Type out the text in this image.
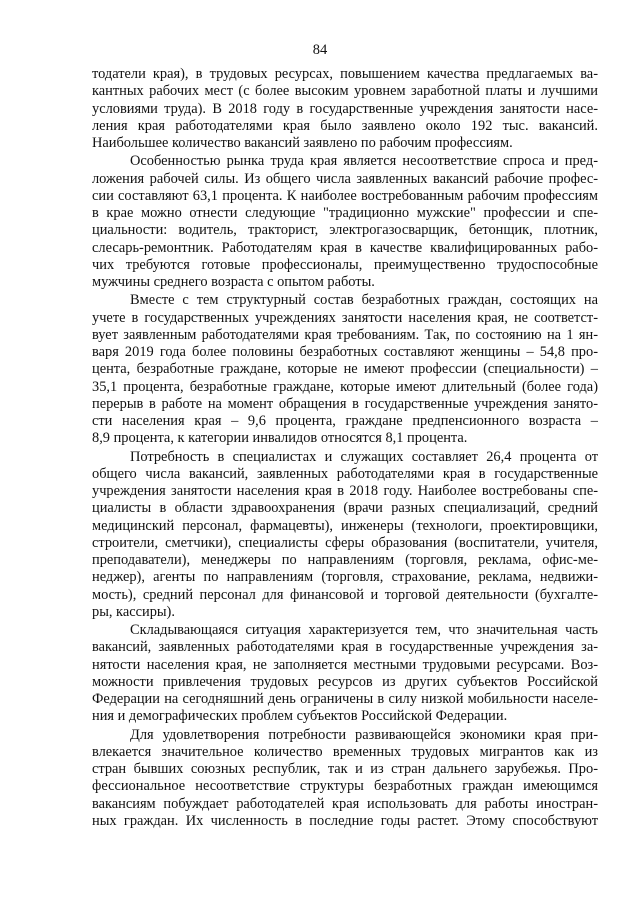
84
тодатели края), в трудовых ресурсах, повышением качества предлагаемых ва-
кантных рабочих мест (с более высоким уровнем заработной платы и лучшими
условиями труда). В 2018 году в государственные учреждения занятости насе-
ления края работодателями края было заявлено около 192 тыс. вакансий.
Наибольшее количество вакансий заявлено по рабочим профессиям.
Особенностью рынка труда края является несоответствие спроса и пред-
ложения рабочей силы. Из общего числа заявленных вакансий рабочие профес-
сии составляют 63,1 процента. К наиболее востребованным рабочим профессиям
в крае можно отнести следующие "традиционно мужские" профессии и спе-
циальности: водитель, тракторист, электрогазосварщик, бетонщик, плотник,
слесарь-ремонтник. Работодателям края в качестве квалифицированных рабо-
чих требуются готовые профессионалы, преимущественно трудоспособные
мужчины среднего возраста с опытом работы.
Вместе с тем структурный состав безработных граждан, состоящих на
учете в государственных учреждениях занятости населения края, не соответст-
вует заявленным работодателями края требованиям. Так, по состоянию на 1 ян-
варя 2019 года более половины безработных составляют женщины – 54,8 про-
цента, безработные граждане, которые не имеют профессии (специальности) –
35,1 процента, безработные граждане, которые имеют длительный (более года)
перерыв в работе на момент обращения в государственные учреждения занято-
сти населения края – 9,6 процента, граждане предпенсионного возраста –
8,9 процента, к категории инвалидов относятся 8,1 процента.
Потребность в специалистах и служащих составляет 26,4 процента от
общего числа вакансий, заявленных работодателями края в государственные
учреждения занятости населения края в 2018 году. Наиболее востребованы спе-
циалисты в области здравоохранения (врачи разных специализаций, средний
медицинский персонал, фармацевты), инженеры (технологи, проектировщики,
строители, сметчики), специалисты сферы образования (воспитатели, учителя,
преподаватели), менеджеры по направлениям (торговля, реклама, офис-ме-
неджер), агенты по направлениям (торговля, страхование, реклама, недвижи-
мость), средний персонал для финансовой и торговой деятельности (бухгалте-
ры, кассиры).
Складывающаяся ситуация характеризуется тем, что значительная часть
вакансий, заявленных работодателями края в государственные учреждения за-
нятости населения края, не заполняется местными трудовыми ресурсами. Воз-
можности привлечения трудовых ресурсов из других субъектов Российской
Федерации на сегодняшний день ограничены в силу низкой мобильности населе-
ния и демографических проблем субъектов Российской Федерации.
Для удовлетворения потребности развивающейся экономики края при-
влекается значительное количество временных трудовых мигрантов как из
стран бывших союзных республик, так и из стран дальнего зарубежья. Про-
фессиональное несоответствие структуры безработных граждан имеющимся
вакансиям побуждает работодателей края использовать для работы иностран-
ных граждан. Их численность в последние годы растет. Этому способствуют
